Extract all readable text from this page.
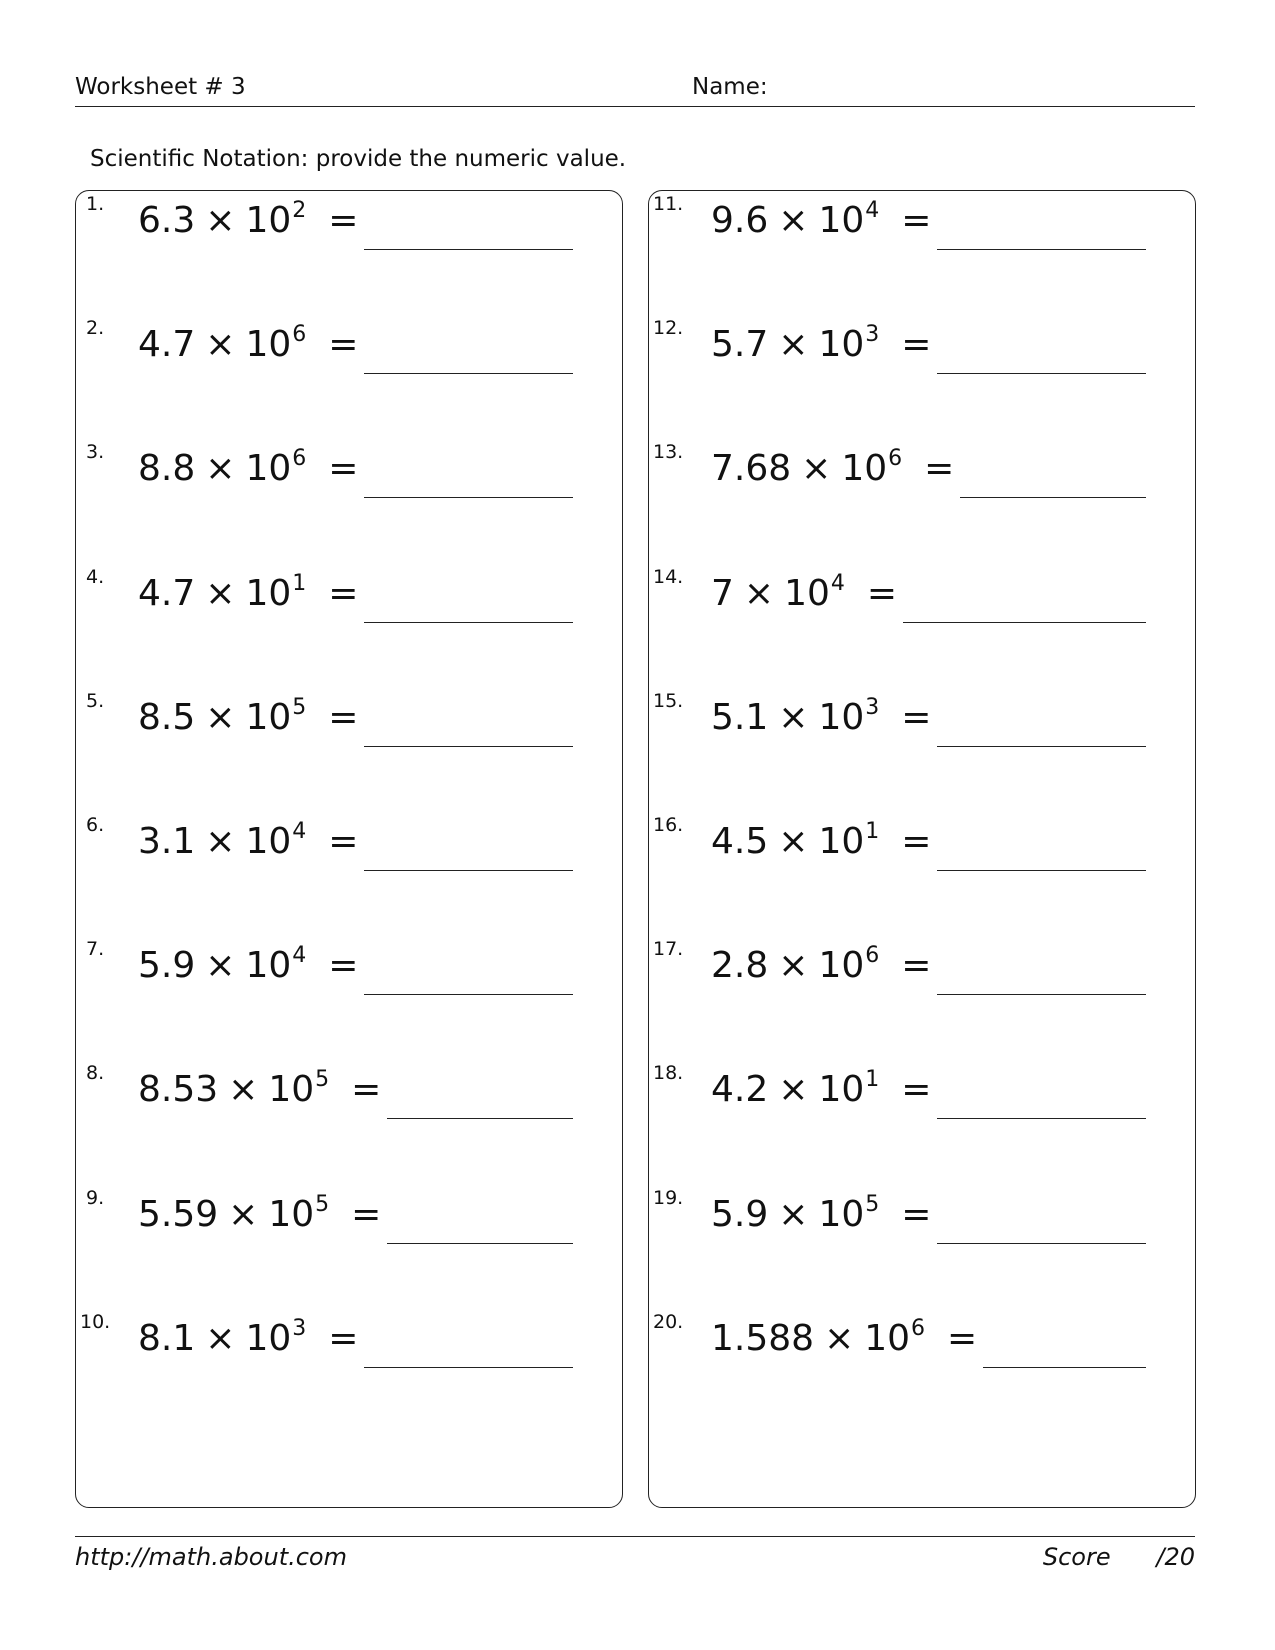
Worksheet # 3	Name:
Scientific Notation: provide the numeric value.
1. $6.3 \times 10^2$ =
2. $4.7 \times 10^6$ =
3. $8.8 \times 10^6$ =
4. $4.7 \times 10^1$ =
5. $8.5 \times 10^5$ =
6. $3.1 \times 10^4$ =
7. $5.9 \times 10^4$ =
8. $8.53 \times 10^5$ =
9. $5.59 \times 10^5$ =
10. $8.1 \times 10^3$ =
11. $9.6 \times 10^4$ =
12. $5.7 \times 10^3$ =
13. $7.68 \times 10^6$ =
14. $7 \times 10^4$ =
15. $5.1 \times 10^3$ =
16. $4.5 \times 10^1$ =
17. $2.8 \times 10^6$ =
18. $4.2 \times 10^1$ =
19. $5.9 \times 10^5$ =
20. $1.588 \times 10^6$ =
http://math.about.com	Score      /20
